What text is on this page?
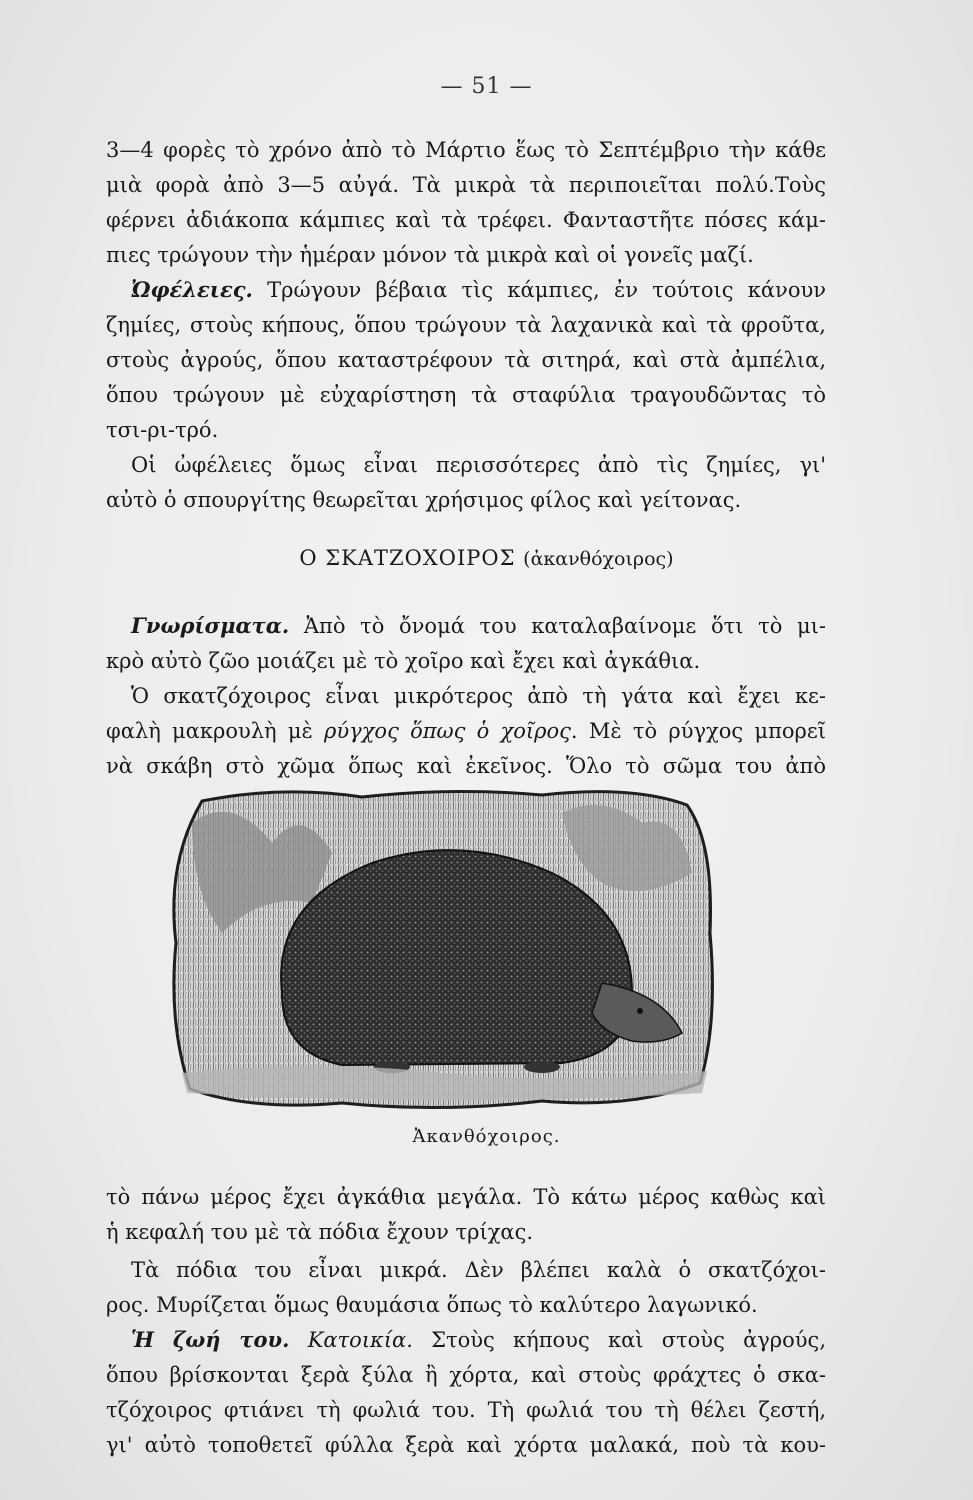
— 51 —
3—4 φορὲς τὸ χρόνο ἀπὸ τὸ Μάρτιο ἕως τὸ Σεπτέμβριο τὴν κάθε
μιὰ φορὰ ἀπὸ 3—5 αὐγά. Τὰ μικρὰ τὰ περιποιεῖται πολύ.Τοὺς
φέρνει ἀδιάκοπα κάμπιες καὶ τὰ τρέφει. Φανταστῆτε πόσες κάμ-
πιες τρώγουν τὴν ἡμέραν μόνον τὰ μικρὰ καὶ οἱ γονεῖς μαζί.
Ὠφέλειες. Τρώγουν βέβαια τὶς κάμπιες, ἐν τούτοις κάνουν
ζημίες, στοὺς κήπους, ὅπου τρώγουν τὰ λαχανικὰ καὶ τὰ φροῦτα,
στοὺς ἀγρούς, ὅπου καταστρέφουν τὰ σιτηρά, καὶ στὰ ἀμπέλια,
ὅπου τρώγουν μὲ εὐχαρίστηση τὰ σταφύλια τραγουδῶντας τὸ
τσι-ρι-τρό.
Οἱ ὠφέλειες ὅμως εἶναι περισσότερες ἀπὸ τὶς ζημίες, γι'
αὐτὸ ὁ σπουργίτης θεωρεῖται χρήσιμος φίλος καὶ γείτονας.
Ο ΣΚΑΤΖΟΧΟΙΡΟΣ (ἀκανθόχοιρος)
Γνωρίσματα. Ἀπὸ τὸ ὄνομά του καταλαβαίνομε ὅτι τὸ μι-
κρὸ αὐτὸ ζῶο μοιάζει μὲ τὸ χοῖρο καὶ ἔχει καὶ ἀγκάθια.
Ὁ σκατζόχοιρος εἶναι μικρότερος ἀπὸ τὴ γάτα καὶ ἔχει κε-
φαλὴ μακρουλὴ μὲ ρύγχος ὅπως ὁ χοῖρος. Μὲ τὸ ρύγχος μπορεῖ
νὰ σκάβη στὸ χῶμα ὅπως καὶ ἐκεῖνος. Ὅλο τὸ σῶμα του ἀπὸ
Ἀκανθόχοιρος.
τὸ πάνω μέρος ἔχει ἀγκάθια μεγάλα. Τὸ κάτω μέρος καθὼς καὶ
ἡ κεφαλή του μὲ τὰ πόδια ἔχουν τρίχας.
Τὰ πόδια του εἶναι μικρά. Δὲν βλέπει καλὰ ὁ σκατζόχοι-
ρος. Μυρίζεται ὅμως θαυμάσια ὅπως τὸ καλύτερο λαγωνικό.
Ἡ ζωή του. Κατοικία. Στοὺς κήπους καὶ στοὺς ἀγρούς,
ὅπου βρίσκονται ξερὰ ξύλα ἢ χόρτα, καὶ στοὺς φράχτες ὁ σκα-
τζόχοιρος φτιάνει τὴ φωλιά του. Τὴ φωλιά του τὴ θέλει ζεστή,
γι' αὐτὸ τοποθετεῖ φύλλα ξερὰ καὶ χόρτα μαλακά, ποὺ τὰ κου-
